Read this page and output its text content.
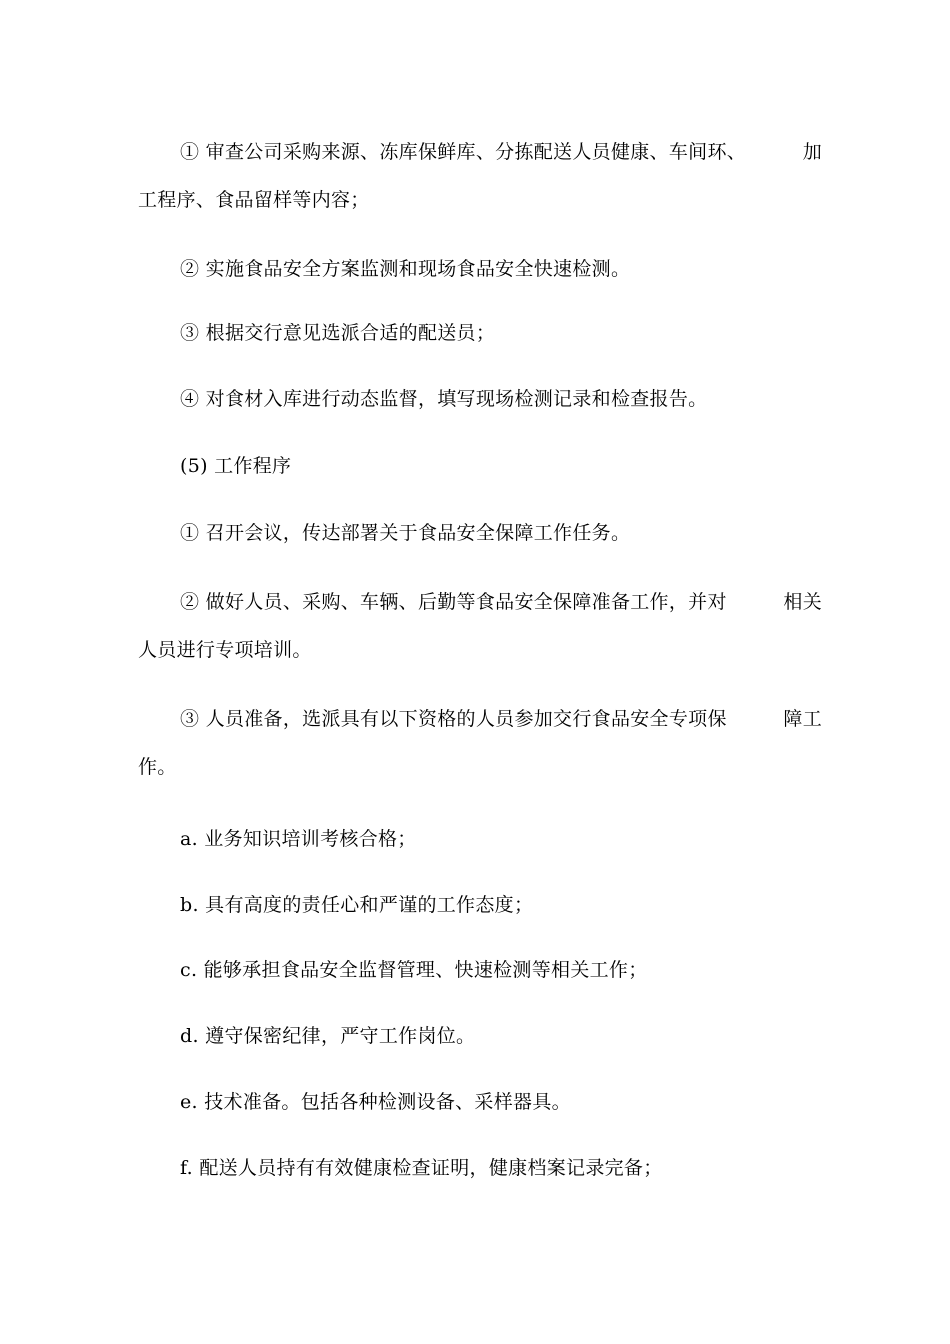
① 审查公司采购来源、冻库保鲜库、分拣配送人员健康、车间环、	加
工程序、食品留样等内容；

② 实施食品安全方案监测和现场食品安全快速检测。

③ 根据交行意见选派合适的配送员；

④ 对食材入库进行动态监督，填写现场检测记录和检查报告。

(5) 工作程序

① 召开会议，传达部署关于食品安全保障工作任务。

② 做好人员、采购、车辆、后勤等食品安全保障准备工作，并对	相关
人员进行专项培训。
③ 人员准备，选派具有以下资格的人员参加交行食品安全专项保	障工
作。

a. 业务知识培训考核合格；

b. 具有高度的责任心和严谨的工作态度；

c. 能够承担食品安全监督管理、快速检测等相关工作；

d. 遵守保密纪律，严守工作岗位。

e. 技术准备。包括各种检测设备、采样器具。

f. 配送人员持有有效健康检查证明，健康档案记录完备；
